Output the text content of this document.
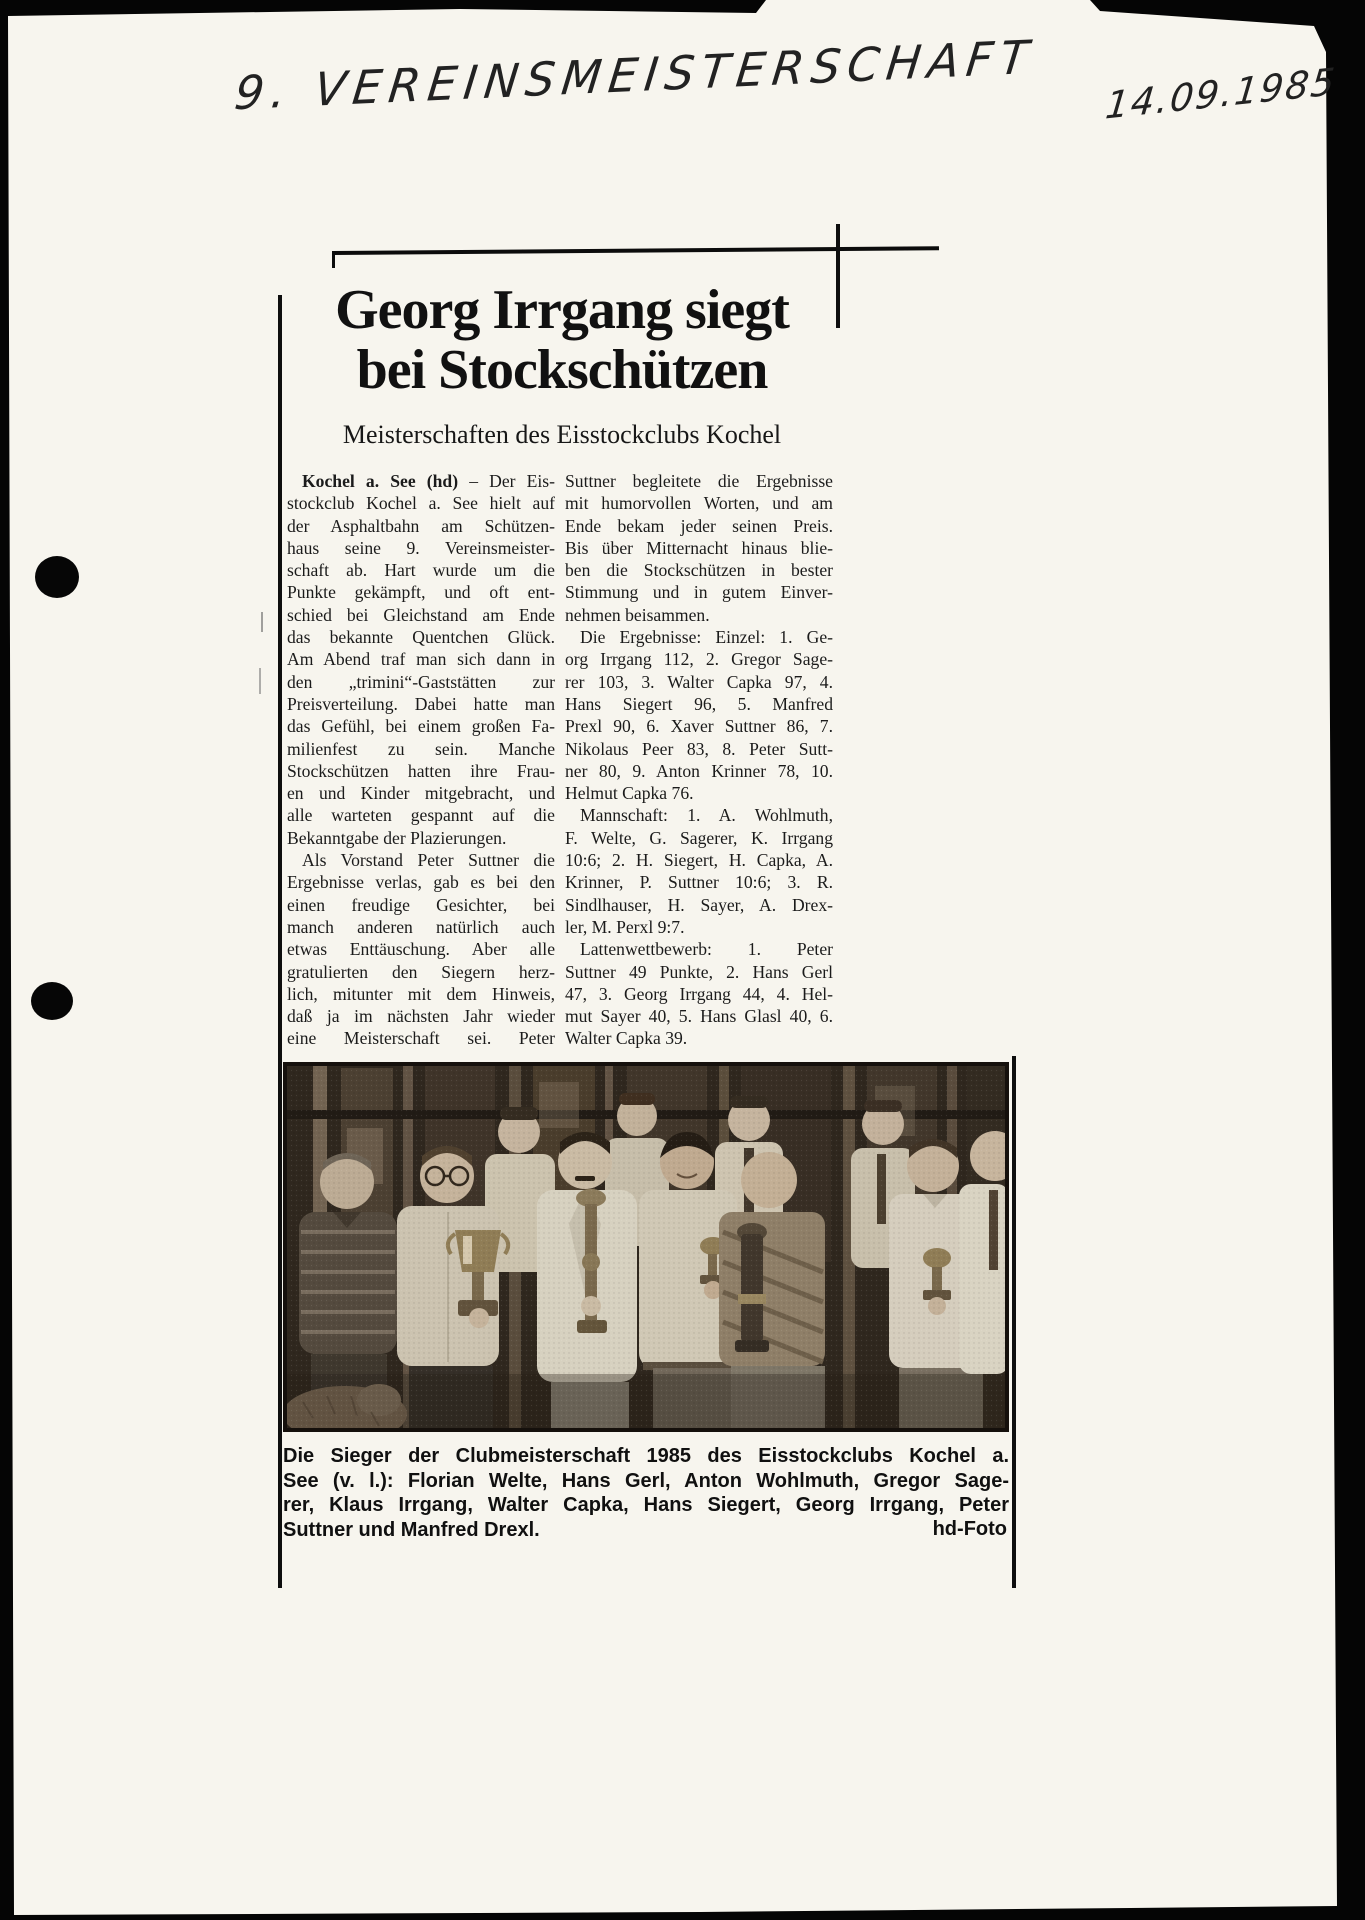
9. VEREINSMEISTERSCHAFT	14.09.1985
Georg Irrgang siegt
bei Stockschützen
Meisterschaften des Eisstockclubs Kochel
Kochel a. See (hd) – Der Eis-
stockclub Kochel a. See hielt auf
der Asphaltbahn am Schützen-
haus seine 9. Vereinsmeister-
schaft ab. Hart wurde um die
Punkte gekämpft, und oft ent-
schied bei Gleichstand am Ende
das bekannte Quentchen Glück.
Am Abend traf man sich dann in
den „trimini“-Gaststätten zur
Preisverteilung. Dabei hatte man
das Gefühl, bei einem großen Fa-
milienfest zu sein. Manche
Stockschützen hatten ihre Frau-
en und Kinder mitgebracht, und
alle warteten gespannt auf die
Bekanntgabe der Plazierungen.
Als Vorstand Peter Suttner die
Ergebnisse verlas, gab es bei den
einen freudige Gesichter, bei
manch anderen natürlich auch
etwas Enttäuschung. Aber alle
gratulierten den Siegern herz-
lich, mitunter mit dem Hinweis,
daß ja im nächsten Jahr wieder
eine Meisterschaft sei. Peter
Suttner begleitete die Ergebnisse
mit humorvollen Worten, und am
Ende bekam jeder seinen Preis.
Bis über Mitternacht hinaus blie-
ben die Stockschützen in bester
Stimmung und in gutem Einver-
nehmen beisammen.
Die Ergebnisse: Einzel: 1. Ge-
org Irrgang 112, 2. Gregor Sage-
rer 103, 3. Walter Capka 97, 4.
Hans Siegert 96, 5. Manfred
Prexl 90, 6. Xaver Suttner 86, 7.
Nikolaus Peer 83, 8. Peter Sutt-
ner 80, 9. Anton Krinner 78, 10.
Helmut Capka 76.
Mannschaft: 1. A. Wohlmuth,
F. Welte, G. Sagerer, K. Irrgang
10:6; 2. H. Siegert, H. Capka, A.
Krinner, P. Suttner 10:6; 3. R.
Sindlhauser, H. Sayer, A. Drex-
ler, M. Perxl 9:7.
Lattenwettbewerb: 1. Peter
Suttner 49 Punkte, 2. Hans Gerl
47, 3. Georg Irrgang 44, 4. Hel-
mut Sayer 40, 5. Hans Glasl 40, 6.
Walter Capka 39.
Die Sieger der Clubmeisterschaft 1985 des Eisstockclubs Kochel a.
See (v. l.): Florian Welte, Hans Gerl, Anton Wohlmuth, Gregor Sage-
rer, Klaus Irrgang, Walter Capka, Hans Siegert, Georg Irrgang, Peter
Suttner und Manfred Drexl.	hd-Foto
